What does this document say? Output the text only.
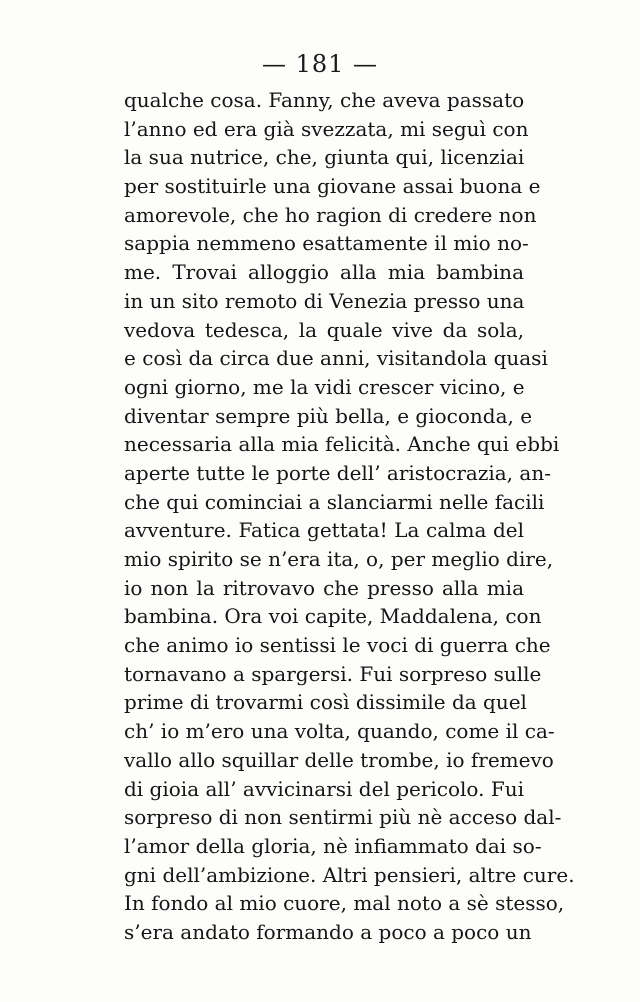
— 181 —
qualche cosa. Fanny, che aveva passato
l’anno ed era già svezzata, mi seguì con
la sua nutrice, che, giunta qui, licenziai
per sostituirle una giovane assai buona e
amorevole, che ho ragion di credere non
sappia nemmeno esattamente il mio no-
me. Trovai alloggio alla mia bambina
in un sito remoto di Venezia presso una
vedova tedesca, la quale vive da sola,
e così da circa due anni, visitandola quasi
ogni giorno, me la vidi crescer vicino, e
diventar sempre più bella, e gioconda, e
necessaria alla mia felicità. Anche qui ebbi
aperte tutte le porte dell’ aristocrazia, an-
che qui cominciai a slanciarmi nelle facili
avventure. Fatica gettata! La calma del
mio spirito se n’era ita, o, per meglio dire,
io non la ritrovavo che presso alla mia
bambina. Ora voi capite, Maddalena, con
che animo io sentissi le voci di guerra che
tornavano a spargersi. Fui sorpreso sulle
prime di trovarmi così dissimile da quel
ch’ io m’ero una volta, quando, come il ca-
vallo allo squillar delle trombe, io fremevo
di gioia all’ avvicinarsi del pericolo. Fui
sorpreso di non sentirmi più nè acceso dal-
l’amor della gloria, nè infiammato dai so-
gni dell’ambizione. Altri pensieri, altre cure.
In fondo al mio cuore, mal noto a sè stesso,
s’era andato formando a poco a poco un
